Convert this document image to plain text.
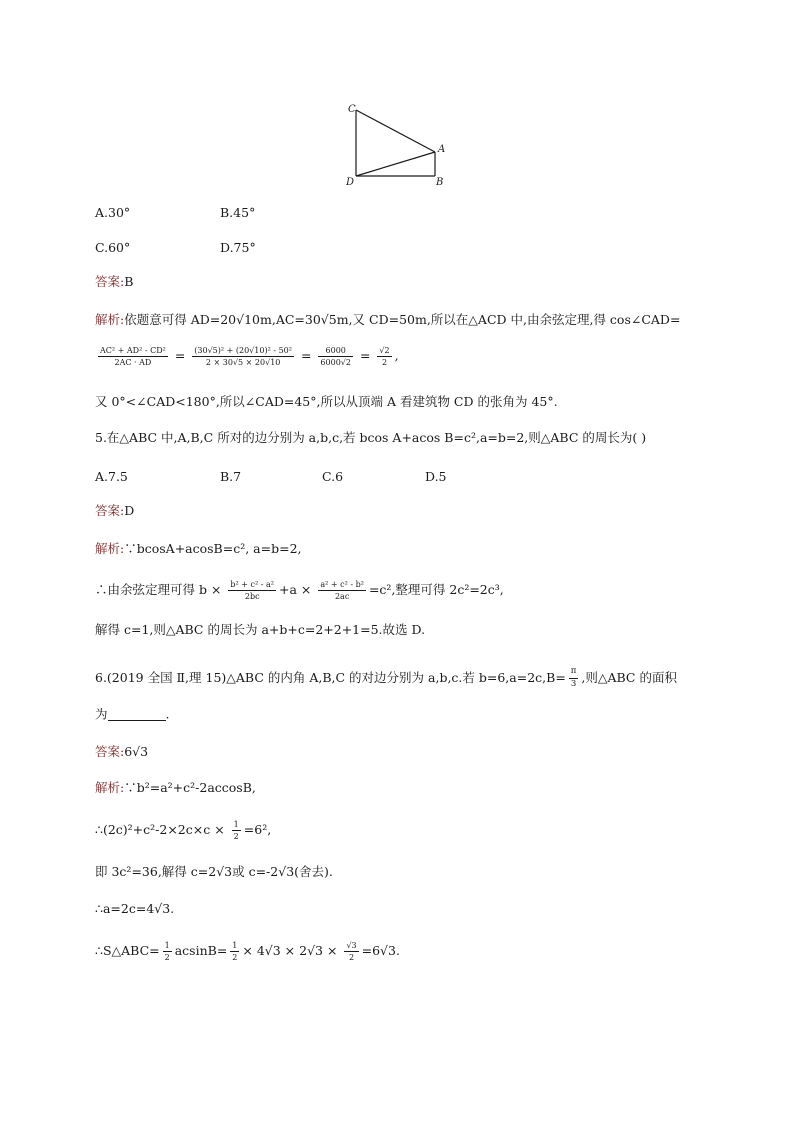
C
A
D	B
A.30°	B.45°
C.60°	D.75°
答案:B
解析:依题意可得 AD=20√10m,AC=30√5m,又 CD=50m,所以在△ACD 中,由余弦定理,得 cos∠CAD=
$\frac{\text{AC² + AD² - CD²}}{2AC \cdot AD} = \frac{\text{(30√5)² + (20√10)² - 50²}}{2 \times 30√5 \times 20√10} = \frac{6000}{6000√2} = \frac{√2}{2}$ ,
又 0°<∠CAD<180°,所以∠CAD=45°,所以从顶端 A 看建筑物 CD 的张角为 45°.
5.在△ABC 中,A,B,C 所对的边分别为 a,b,c,若 bcos A+acos B=c²,a=b=2,则△ABC 的周长为( )
A.7.5	B.7	C.6	D.5
答案:D
解析:∵bcosA+acosB=c², a=b=2,
∴由余弦定理可得 $b \times \frac{\text{b² + c² - a²}}{2bc} +a \times \frac{\text{a² + c² - b²}}{2ac} =c^2$,整理可得 2c²=2c³,
解得 c=1,则△ABC 的周长为 a+b+c=2+2+1=5.故选 D.
6.(2019 全国 Ⅱ,理 15)△ABC 的内角 A,B,C 的对边分别为 a,b,c.若 $b=6,a=2c,B= \frac{\pi}{3}$ ,则△ABC 的面积
为	.
答案:6√3
解析:∵b²=a²+c²-2accosB,
∴(2c)²+c²-2×2c×c × $\frac{1}{2} =6^2$,
即 3c²=36,解得 c=2√3或 c=-2√3(舍去).
∴a=2c=4√3.
∴S△ABC= $\frac{1}{2} acsinB= \frac{1}{2} \times 4√3 \times 2√3 \times \frac{√3}{2} =6√3$.
